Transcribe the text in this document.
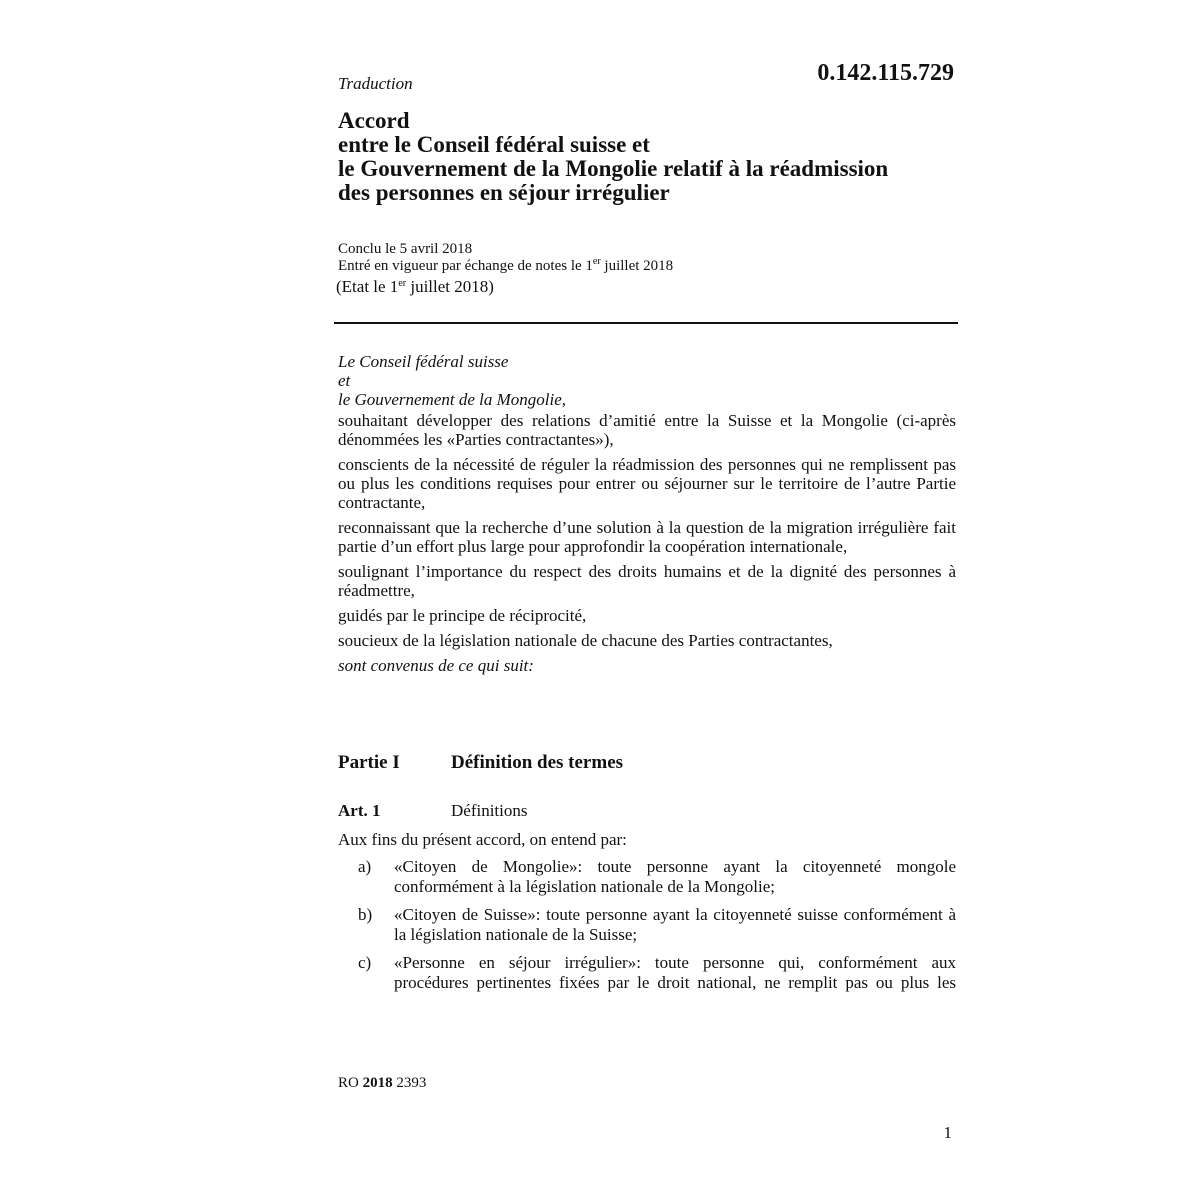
Traduction	0.142.115.729
Accord
entre le Conseil fédéral suisse et
le Gouvernement de la Mongolie relatif à la réadmission
des personnes en séjour irrégulier
Conclu le 5 avril 2018
Entré en vigueur par échange de notes le 1er juillet 2018
(Etat le 1er juillet 2018)
Le Conseil fédéral suisse
et
le Gouvernement de la Mongolie,

souhaitant développer des relations d’amitié entre la Suisse et la Mongolie (ci-après dénommées les «Parties contractantes»),

conscients de la nécessité de réguler la réadmission des personnes qui ne remplissent pas ou plus les conditions requises pour entrer ou séjourner sur le territoire de l’autre Partie contractante,

reconnaissant que la recherche d’une solution à la question de la migration irrégulière fait partie d’un effort plus large pour approfondir la coopération internationale,

soulignant l’importance du respect des droits humains et de la dignité des personnes à réadmettre,

guidés par le principe de réciprocité,

soucieux de la législation nationale de chacune des Parties contractantes,

sont convenus de ce qui suit:

Partie I	Définition des termes
Art. 1	Définitions
Aux fins du présent accord, on entend par:
a)	«Citoyen de Mongolie»: toute personne ayant la citoyenneté mongole conformément à la législation nationale de la Mongolie;
b)	«Citoyen de Suisse»: toute personne ayant la citoyenneté suisse conformément à la législation nationale de la Suisse;
c)	«Personne en séjour irrégulier»: toute personne qui, conformément aux procédures pertinentes fixées par le droit national, ne remplit pas ou plus les
RO 2018 2393
1
